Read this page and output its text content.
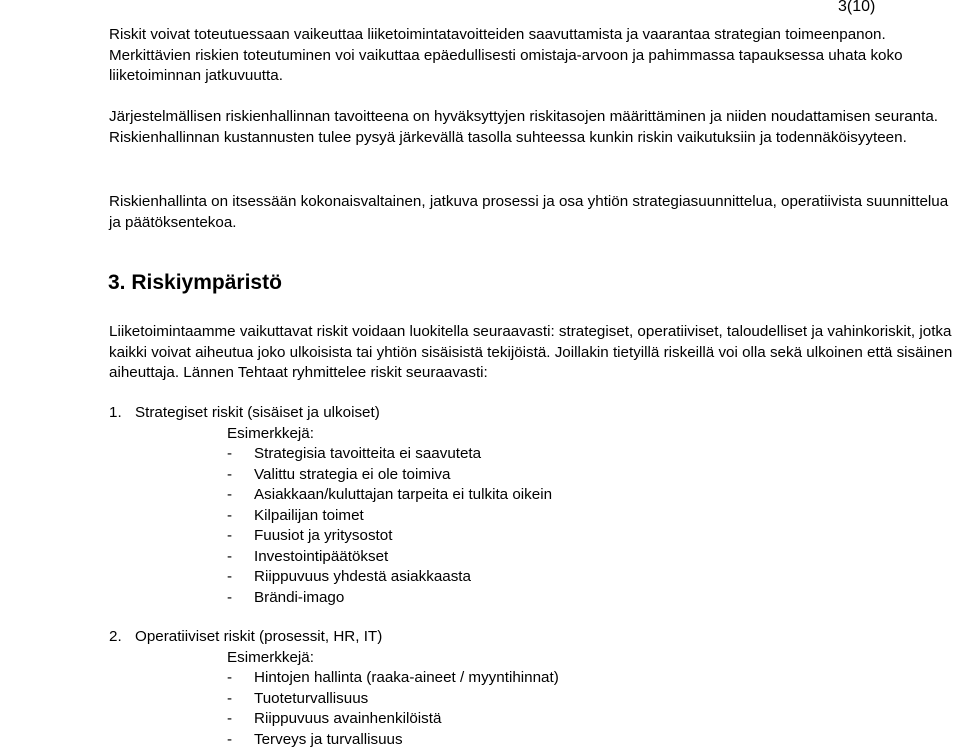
3(10)

Riskit voivat toteutuessaan vaikeuttaa liiketoimintatavoitteiden saavuttamista ja vaarantaa strategian toimeenpanon. Merkittävien riskien toteutuminen voi vaikuttaa epäedullisesti omistaja-arvoon ja pahimmassa tapauksessa uhata koko liiketoiminnan jatkuvuutta.

Järjestelmällisen riskienhallinnan tavoitteena on hyväksyttyjen riskitasojen määrittäminen ja niiden noudattamisen seuranta. Riskienhallinnan kustannusten tulee pysyä järkevällä tasolla suhteessa kunkin riskin vaikutuksiin ja todennäköisyyteen.

Riskienhallinta on itsessään kokonaisvaltainen, jatkuva prosessi ja osa yhtiön strategiasuunnittelua, operatiivista suunnittelua ja päätöksentekoa.

3. Riskiympäristö

Liiketoimintaamme vaikuttavat riskit voidaan luokitella seuraavasti: strategiset, operatiiviset, taloudelliset ja vahinkoriskit, jotka kaikki voivat aiheutua joko ulkoisista tai yhtiön sisäisistä tekijöistä. Joillakin tietyillä riskeillä voi olla sekä ulkoinen että sisäinen aiheuttaja. Lännen Tehtaat ryhmittelee riskit seuraavasti:

1. Strategiset riskit (sisäiset ja ulkoiset)
Esimerkkejä:
-	Strategisia tavoitteita ei saavuteta
-	Valittu strategia ei ole toimiva
-	Asiakkaan/kuluttajan tarpeita ei tulkita oikein
-	Kilpailijan toimet
-	Fuusiot ja yritysostot
-	Investointipäätökset
-	Riippuvuus yhdestä asiakkaasta
-	Brändi-imago
2. Operatiiviset riskit (prosessit, HR, IT)
Esimerkkejä:
-	Hintojen hallinta (raaka-aineet / myyntihinnat)
-	Tuoteturvallisuus
-	Riippuvuus avainhenkilöistä
-	Terveys ja turvallisuus
